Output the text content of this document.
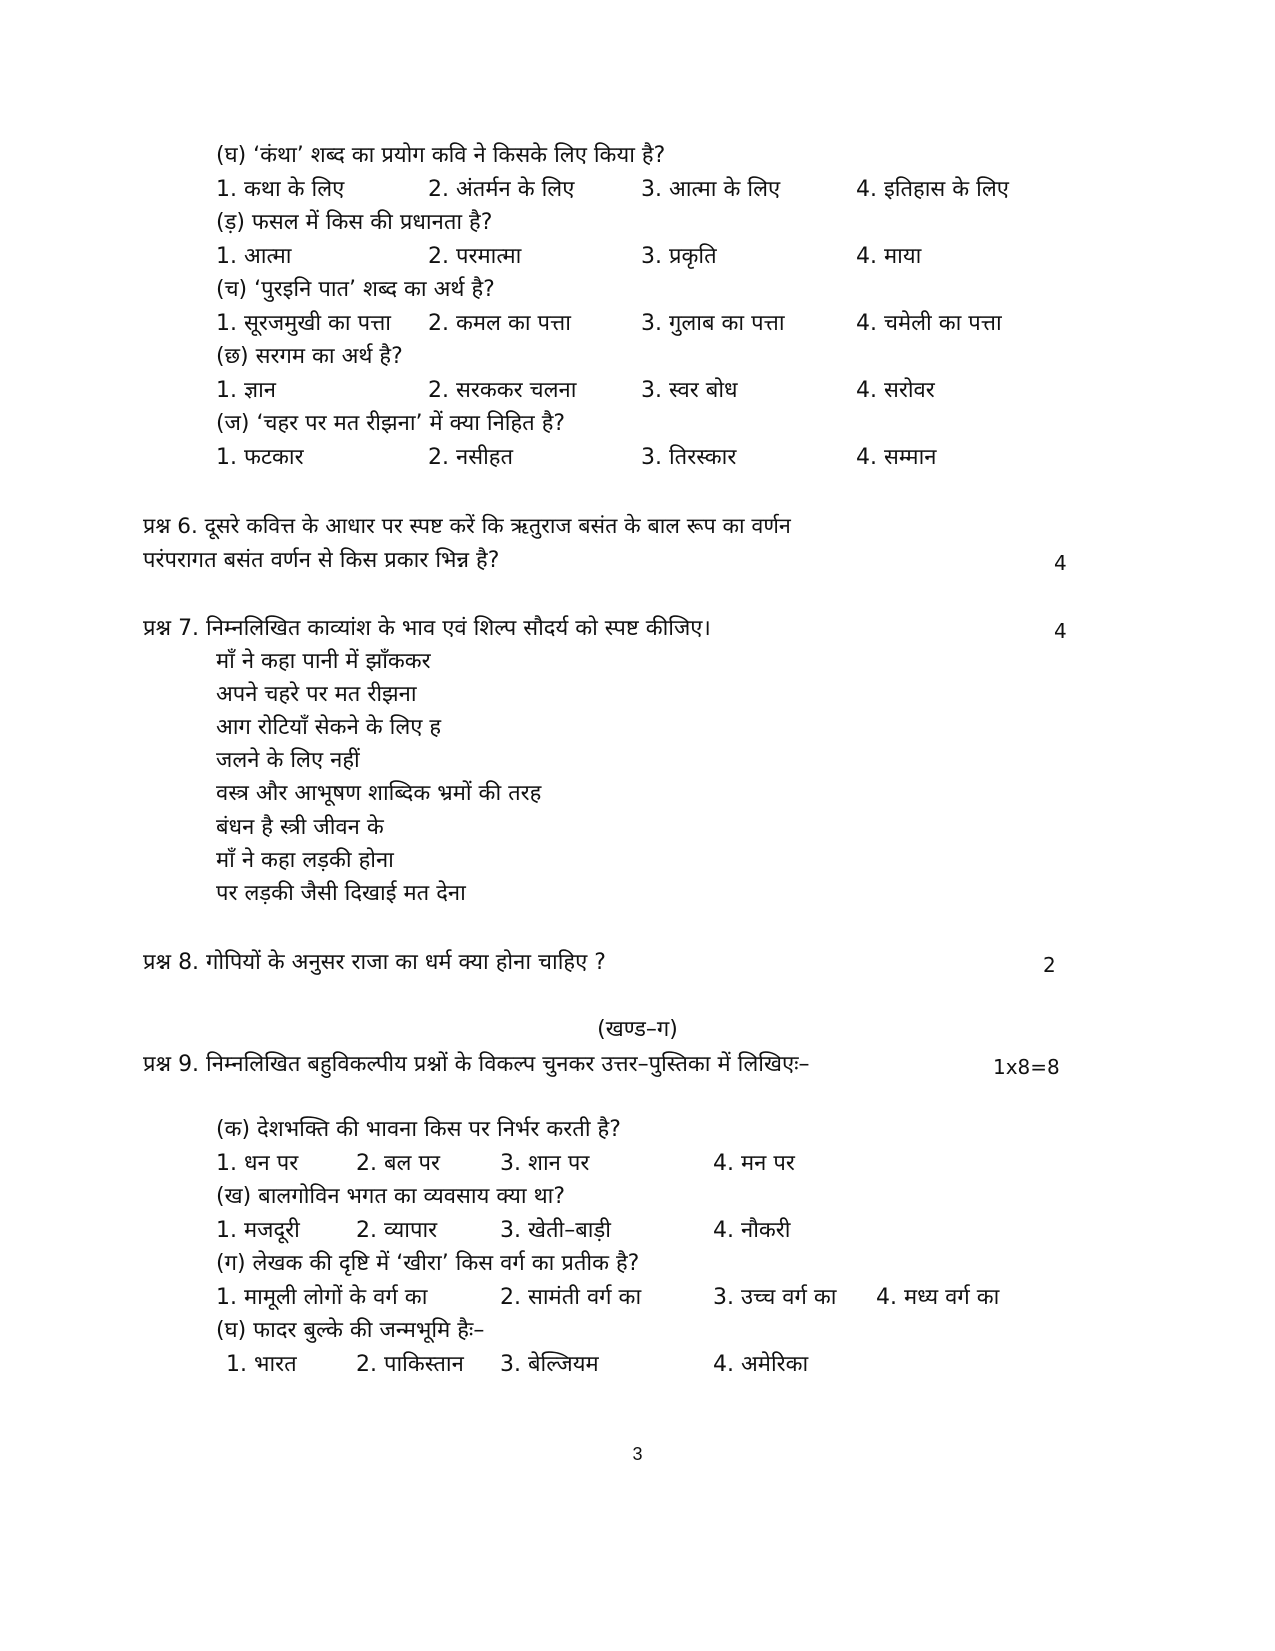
(घ) ‘कंथा’ शब्द का प्रयोग कवि ने किसके लिए किया है?
1. कथा के लिए	2. अंतर्मन के लिए	3. आत्मा के लिए	4. इतिहास के लिए
(ड़) फसल में किस की प्रधानता है?
1. आत्मा	2. परमात्मा	3. प्रकृति	4. माया
(च) ‘पुरइनि पात’ शब्द का अर्थ है?
1. सूरजमुखी का पत्ता 2. कमल का पत्ता	3. गुलाब का पत्ता	4. चमेली का पत्ता
(छ) सरगम का अर्थ है?
1. ज्ञान	2. सरककर चलना	3. स्वर बोध	4. सरोवर
(ज) ‘चहर पर मत रीझना’ में क्या निहित है?
1. फटकार	2. नसीहत	3. तिरस्कार	4. सम्मान
प्रश्न 6. दूसरे कवित्त के आधार पर स्पष्ट करें कि ऋतुराज बसंत के बाल रूप का वर्णन
परंपरागत बसंत वर्णन से किस प्रकार भिन्न है?	4
प्रश्न 7. निम्नलिखित काव्यांश के भाव एवं शिल्प सौदर्य को स्पष्ट कीजिए।	4
माँ ने कहा पानी में झाँककर
अपने चहरे पर मत रीझना
आग रोटियाँ सेकने के लिए ह
जलने के लिए नहीं
वस्त्र और आभूषण शाब्दिक भ्रमों की तरह
बंधन है स्त्री जीवन के
माँ ने कहा लड़की होना
पर लड़की जैसी दिखाई मत देना
प्रश्न 8. गोपियों के अनुसर राजा का धर्म क्या होना चाहिए ?	2
(खण्ड–ग)
प्रश्न 9. निम्नलिखित बहुविकल्पीय प्रश्नों के विकल्प चुनकर उत्तर–पुस्तिका में लिखिएः–	1x8=8
(क) देशभक्ति की भावना किस पर निर्भर करती है?
1. धन पर	2. बल पर	3. शान पर	4. मन पर
(ख) बालगोविन भगत का व्यवसाय क्या था?
1. मजदूरी	2. व्यापार	3. खेती–बाड़ी	4. नौकरी
(ग) लेखक की दृष्टि में ‘खीरा’ किस वर्ग का प्रतीक है?
1. मामूली लोगों के वर्ग का	2. सामंती वर्ग का	3. उच्च वर्ग का 4. मध्य वर्ग का
(घ) फादर बुल्के की जन्मभूमि हैः–
1. भारत	2. पाकिस्तान 3. बेल्जियम	4. अमेरिका
3
